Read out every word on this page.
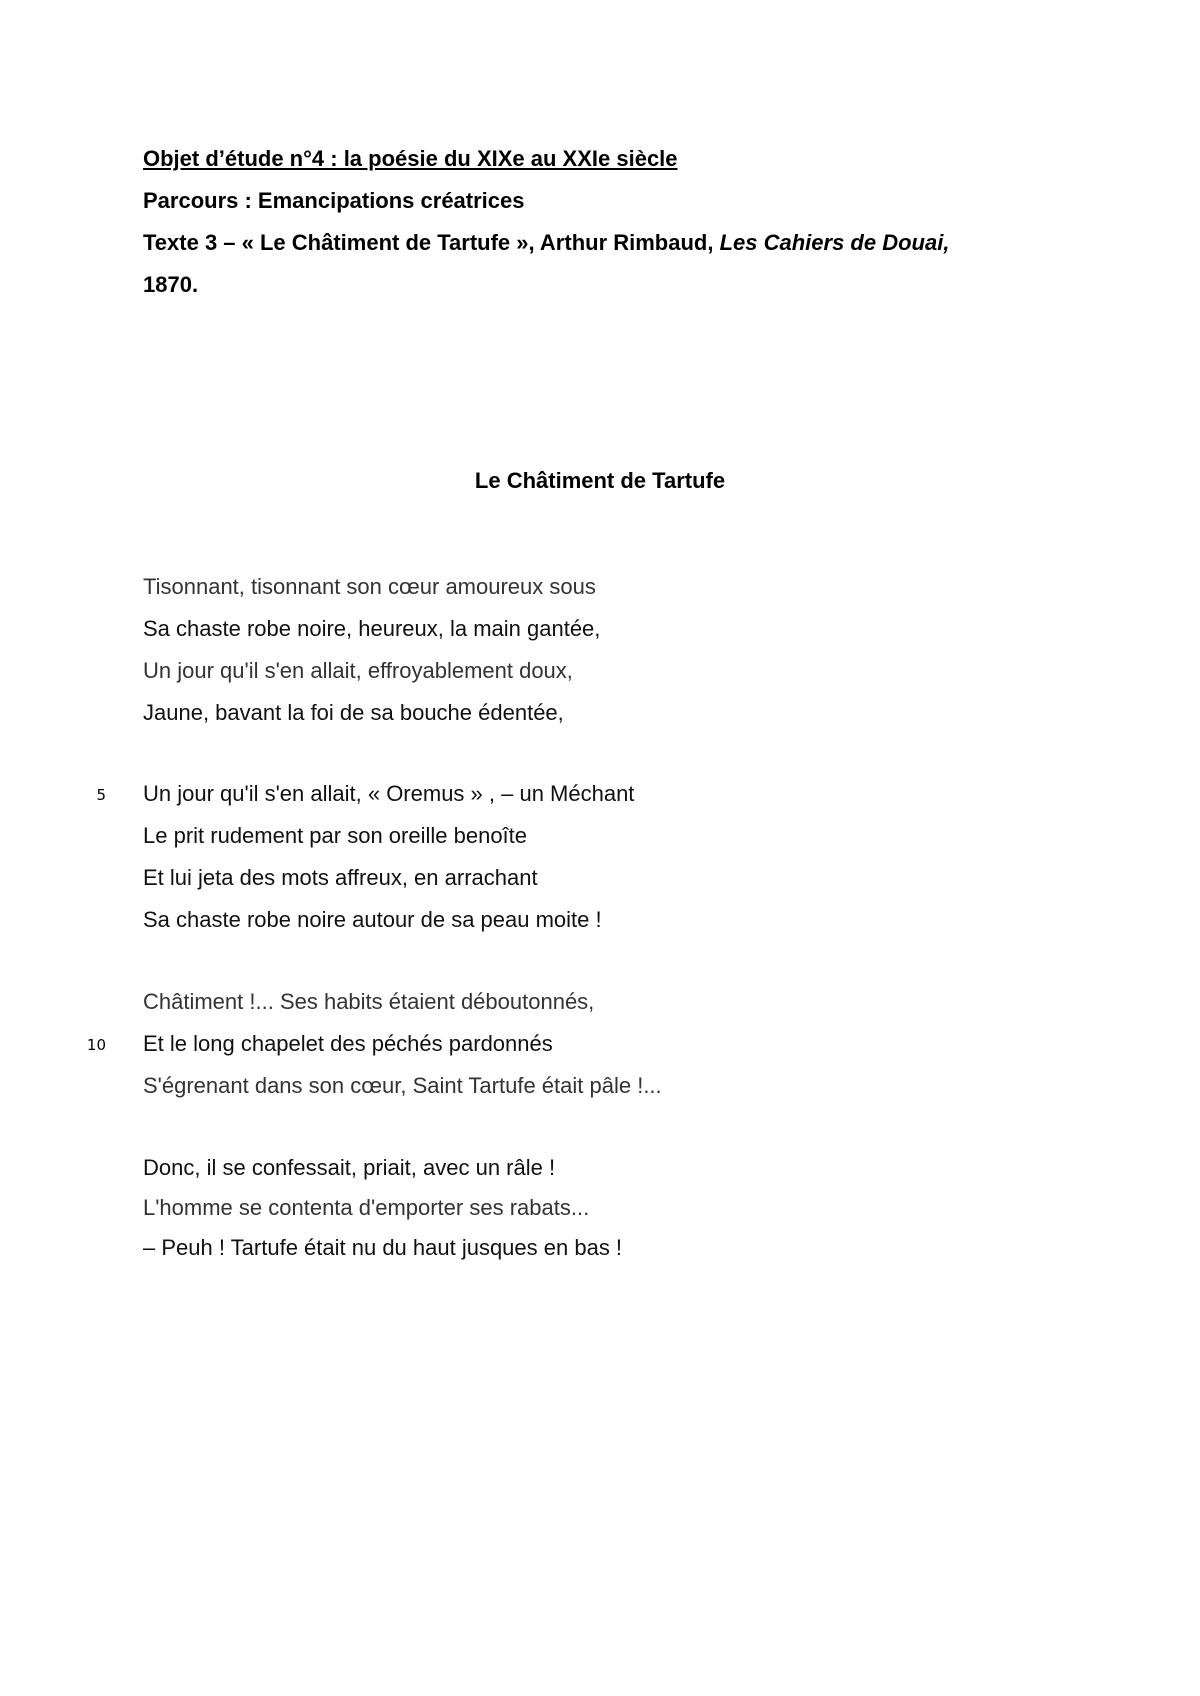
Objet d’étude n°4 : la poésie du XIXe au XXIe siècle
Parcours : Emancipations créatrices
Texte 3 – « Le Châtiment de Tartufe », Arthur Rimbaud, Les Cahiers de Douai,
1870.
Le Châtiment de Tartufe
Tisonnant, tisonnant son cœur amoureux sous
Sa chaste robe noire, heureux, la main gantée,
Un jour qu'il s'en allait, effroyablement doux,
Jaune, bavant la foi de sa bouche édentée,
5 Un jour qu'il s'en allait, « Oremus » , – un Méchant
Le prit rudement par son oreille benoîte
Et lui jeta des mots affreux, en arrachant
Sa chaste robe noire autour de sa peau moite !
Châtiment !... Ses habits étaient déboutonnés,
10 Et le long chapelet des péchés pardonnés
S'égrenant dans son cœur, Saint Tartufe était pâle !...
Donc, il se confessait, priait, avec un râle !
L'homme se contenta d'emporter ses rabats...
– Peuh ! Tartufe était nu du haut jusques en bas !
